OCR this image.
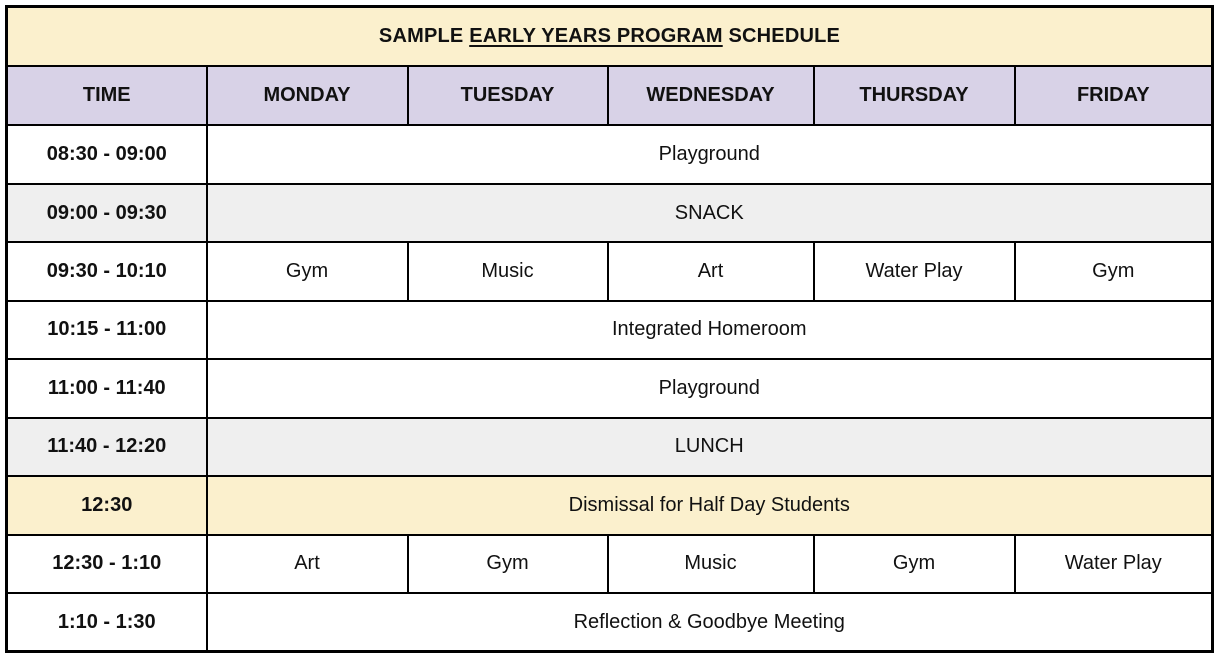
SAMPLE EARLY YEARS PROGRAM SCHEDULE					
TIME	MONDAY	TUESDAY	WEDNESDAY	THURSDAY	FRIDAY
08:30 - 09:00	Playground				
09:00 - 09:30	SNACK				
09:30 - 10:10	Gym	Music	Art	Water Play	Gym
10:15 - 11:00	Integrated Homeroom				
11:00 - 11:40	Playground				
11:40 - 12:20	LUNCH				
12:30	Dismissal for Half Day Students				
12:30 - 1:10	Art	Gym	Music	Gym	Water Play
1:10 - 1:30	Reflection & Goodbye Meeting				
